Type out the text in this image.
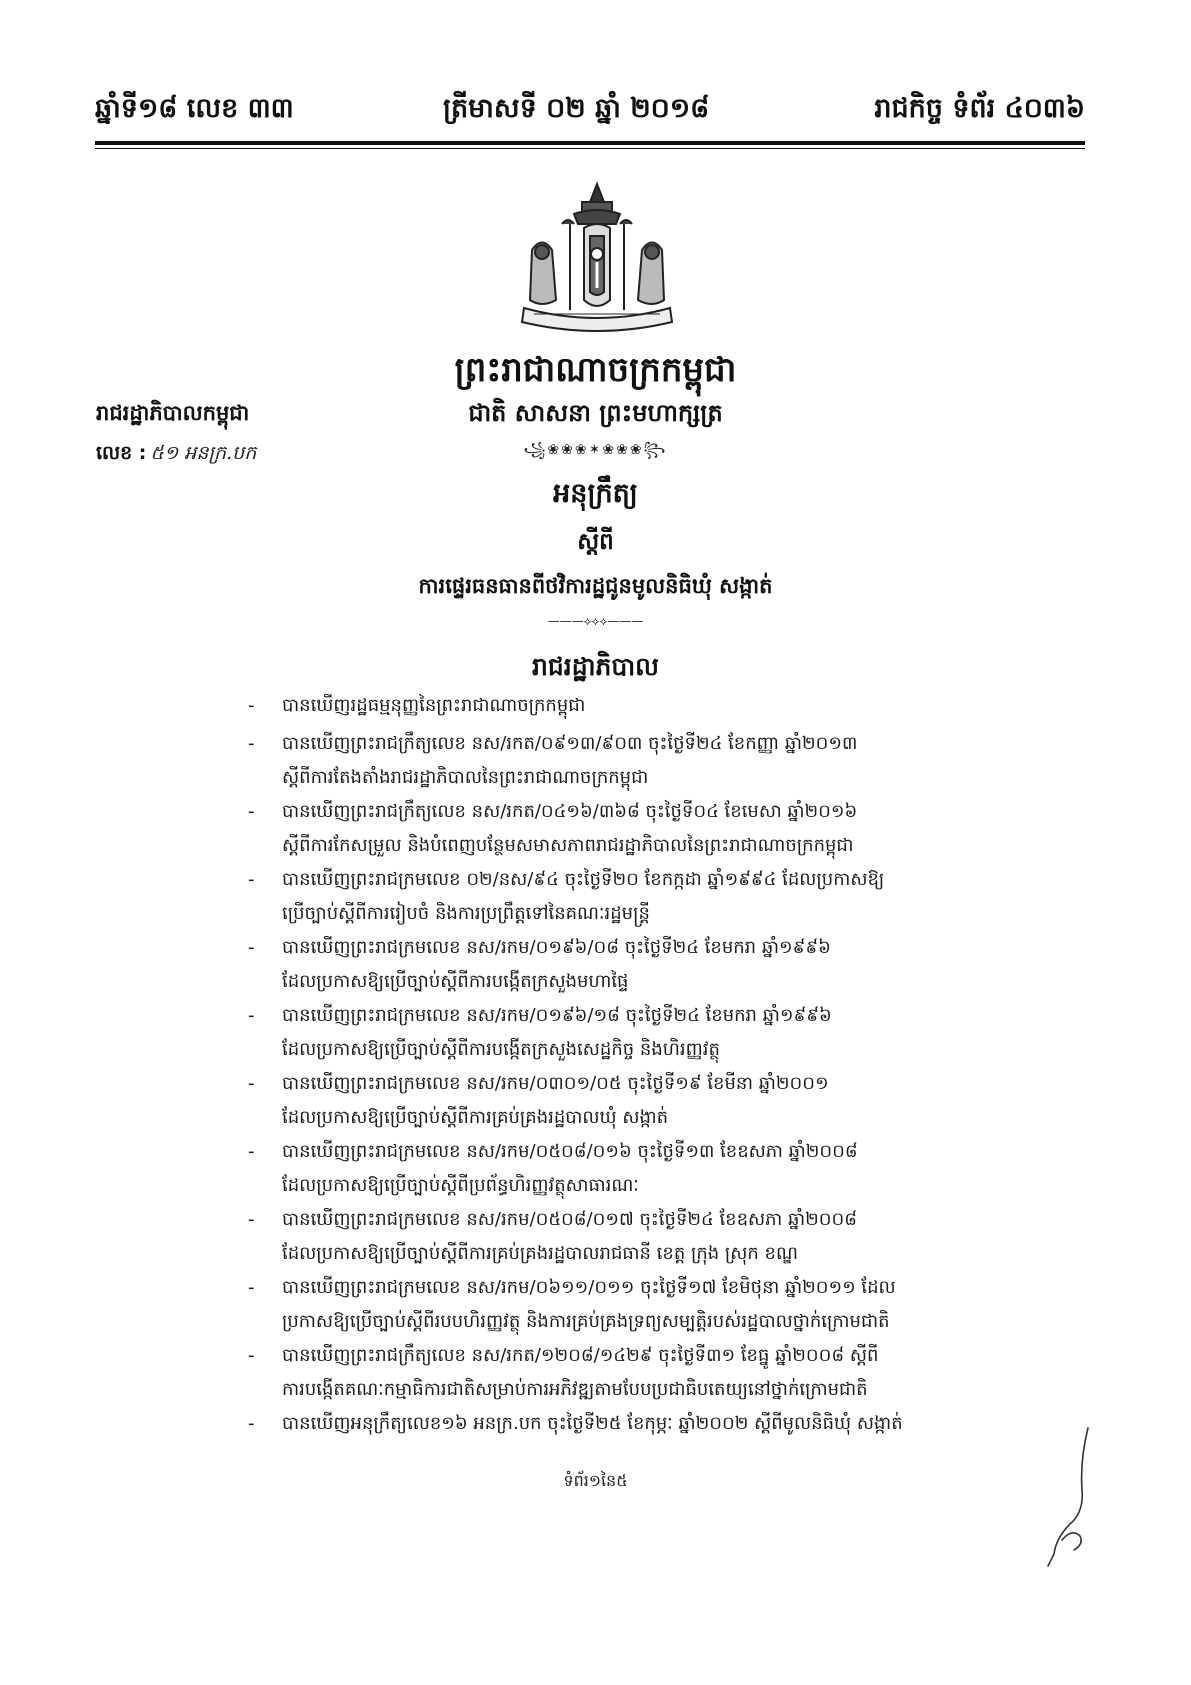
ឆ្នាំទី១៨ លេខ ៣៣	ត្រីមាសទី ០២ ឆ្នាំ ២០១៨	រាជកិច្ច ទំព័រ ៤០៣៦
ព្រះរាជាណាចក្រកម្ពុជា
ជាតិ សាសនា ព្រះមហាក្សត្រ
꧁❀❀❀✶❀❀❀꧂
រាជរដ្ឋាភិបាលកម្ពុជា
លេខ : ៥១ អនក្រ.បក
អនុក្រឹត្យ
ស្ដីពី
ការផ្ទេរធនធានពីថវិការដ្ឋជូនមូលនិធិឃុំ សង្កាត់
———⟡⟡⟡———
រាជរដ្ឋាភិបាល
- បានឃើញរដ្ឋធម្មនុញ្ញនៃព្រះរាជាណាចក្រកម្ពុជា
- បានឃើញព្រះរាជក្រឹត្យលេខ នស/រកត/០៩១៣/៩០៣ ចុះថ្ងៃទី២៤ ខែកញ្ញា ឆ្នាំ២០១៣
ស្ដីពីការតែងតាំងរាជរដ្ឋាភិបាលនៃព្រះរាជាណាចក្រកម្ពុជា
- បានឃើញព្រះរាជក្រឹត្យលេខ នស/រកត/០៤១៦/៣៦៨ ចុះថ្ងៃទី០៤ ខែមេសា ឆ្នាំ២០១៦
ស្ដីពីការកែសម្រួល និងបំពេញបន្ថែមសមាសភាពរាជរដ្ឋាភិបាលនៃព្រះរាជាណាចក្រកម្ពុជា
- បានឃើញព្រះរាជក្រមលេខ ០២/នស/៩៤ ចុះថ្ងៃទី២០ ខែកក្កដា ឆ្នាំ១៩៩៤ ដែលប្រកាសឱ្យ
ប្រើច្បាប់ស្ដីពីការរៀបចំ និងការប្រព្រឹត្តទៅនៃគណៈរដ្ឋមន្ត្រី
- បានឃើញព្រះរាជក្រមលេខ នស/រកម/០១៩៦/០៨ ចុះថ្ងៃទី២៤ ខែមករា ឆ្នាំ១៩៩៦
ដែលប្រកាសឱ្យប្រើច្បាប់ស្ដីពីការបង្កើតក្រសួងមហាផ្ទៃ
- បានឃើញព្រះរាជក្រមលេខ នស/រកម/០១៩៦/១៨ ចុះថ្ងៃទី២៤ ខែមករា ឆ្នាំ១៩៩៦
ដែលប្រកាសឱ្យប្រើច្បាប់ស្ដីពីការបង្កើតក្រសួងសេដ្ឋកិច្ច និងហិរញ្ញវត្ថុ
- បានឃើញព្រះរាជក្រមលេខ នស/រកម/០៣០១/០៥ ចុះថ្ងៃទី១៩ ខែមីនា ឆ្នាំ២០០១
ដែលប្រកាសឱ្យប្រើច្បាប់ស្ដីពីការគ្រប់គ្រងរដ្ឋបាលឃុំ សង្កាត់
- បានឃើញព្រះរាជក្រមលេខ នស/រកម/០៥០៨/០១៦ ចុះថ្ងៃទី១៣ ខែឧសភា ឆ្នាំ២០០៨
ដែលប្រកាសឱ្យប្រើច្បាប់ស្ដីពីប្រព័ន្ធហិរញ្ញវត្ថុសាធារណៈ
- បានឃើញព្រះរាជក្រមលេខ នស/រកម/០៥០៨/០១៧ ចុះថ្ងៃទី២៤ ខែឧសភា ឆ្នាំ២០០៨
ដែលប្រកាសឱ្យប្រើច្បាប់ស្ដីពីការគ្រប់គ្រងរដ្ឋបាលរាជធានី ខេត្ត ក្រុង ស្រុក ខណ្ឌ
- បានឃើញព្រះរាជក្រមលេខ នស/រកម/០៦១១/០១១ ចុះថ្ងៃទី១៧ ខែមិថុនា ឆ្នាំ២០១១ ដែល
ប្រកាសឱ្យប្រើច្បាប់ស្ដីពីរបបហិរញ្ញវត្ថុ និងការគ្រប់គ្រងទ្រព្យសម្បត្តិរបស់រដ្ឋបាលថ្នាក់ក្រោមជាតិ
- បានឃើញព្រះរាជក្រឹត្យលេខ នស/រកត/១២០៨/១៤២៩ ចុះថ្ងៃទី៣១ ខែធ្នូ ឆ្នាំ២០០៨ ស្ដីពី
ការបង្កើតគណៈកម្មាធិការជាតិសម្រាប់ការអភិវឌ្ឍតាមបែបប្រជាធិបតេយ្យនៅថ្នាក់ក្រោមជាតិ
- បានឃើញអនុក្រឹត្យលេខ១៦ អនក្រ.បក ចុះថ្ងៃទី២៥ ខែកុម្ភៈ ឆ្នាំ២០០២ ស្ដីពីមូលនិធិឃុំ សង្កាត់
ទំព័រ១នៃ៥
